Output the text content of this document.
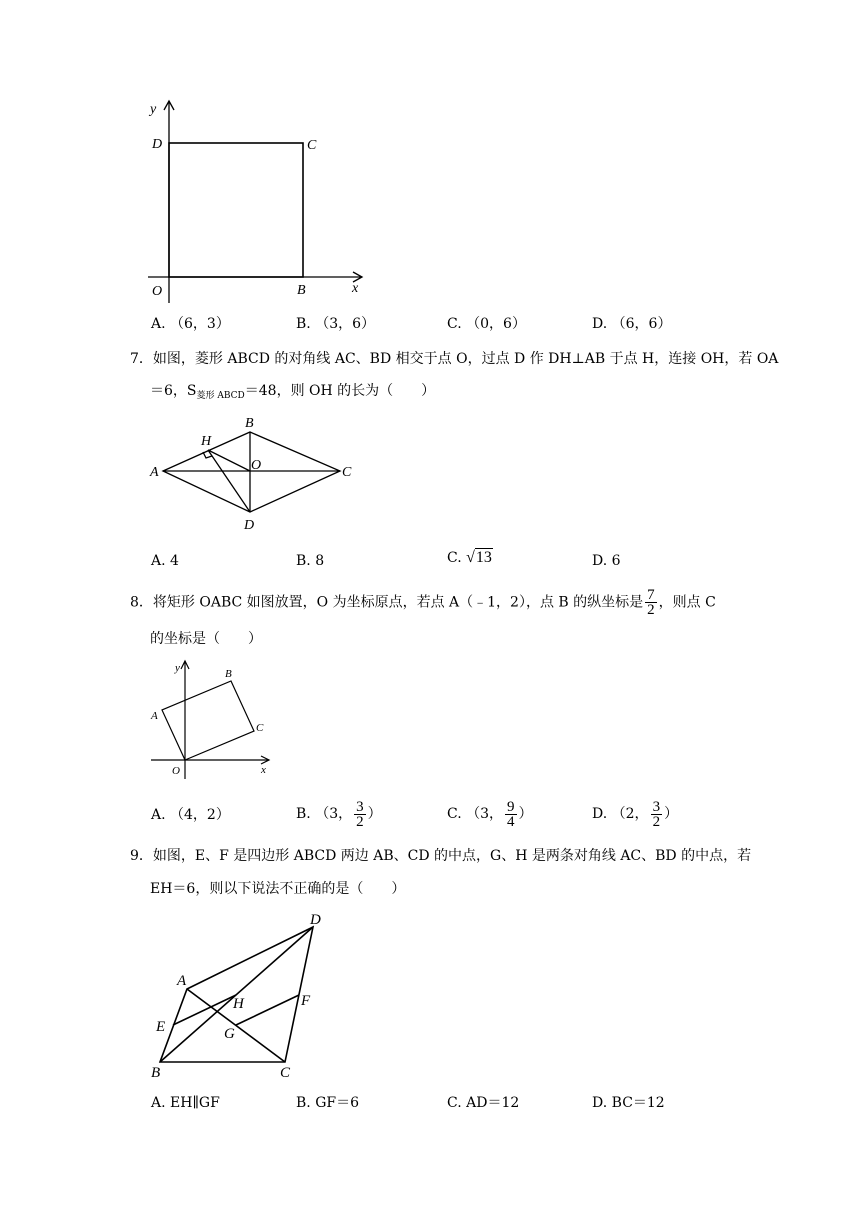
y
D	C
O	B	x
A. （6，3）	B. （3，6）	C. （0，6）	D. （6，6）
7．如图，菱形 ABCD 的对角线 AC、BD 相交于点 O，过点 D 作 DH⊥AB 于点 H，连接 OH，若 OA
＝6，$S_{菱形 ABCD}=48$，则 OH 的长为（　　）
A
B
C
D
H
O
A. 4	B. 8	C. √13	D. 6
8．将矩形 OABC 如图放置，O 为坐标原点，若点 A（﹣1，2），点 B 的纵坐标是 $\frac{7}{2}$ ，则点 C
的坐标是（　　）
y
A
B
C
O	x
A. （4，2）	B. （3， $\frac{3}{2}$ ）	C. （3， $\frac{9}{4}$ ）	D. （2， $\frac{3}{2}$ ）
9．如图，E、F 是四边形 ABCD 两边 AB、CD 的中点，G、H 是两条对角线 AC、BD 的中点，若
EH＝6，则以下说法不正确的是（　　）
A
B	C
D
E
F
G
H
A. EH∥GF	B. GF＝6	C. AD＝12	D. BC＝12
